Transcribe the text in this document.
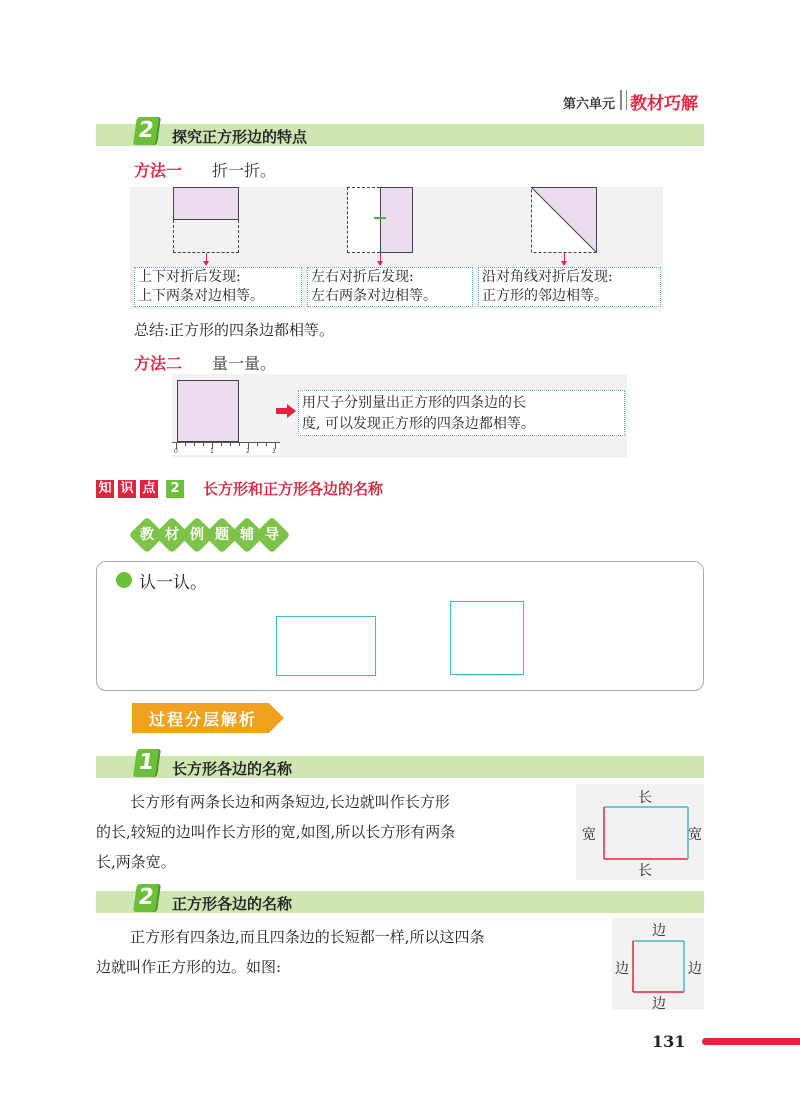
第六单元 教材巧解
2 探究正方形边的特点
方法一 折一折。
上下对折后发现:
上下两条对边相等。
左右对折后发现:
左右两条对边相等。
沿对角线对折后发现:
正方形的邻边相等。
总结:正方形的四条边都相等。
方法二 量一量。
0	1	2	3
用尺子分别量出正方形的四条边的长
度, 可以发现正方形的四条边都相等。
知 识 点	2 长方形和正方形各边的名称
教 材 例 题 辅 导
认一认。
过程分层解析
1 长方形各边的名称
长方形有两条长边和两条短边,长边就叫作长方形
的长,较短的边叫作长方形的宽,如图,所以长方形有两条
长,两条宽。
长
长
宽	宽
2 正方形各边的名称
正方形有四条边,而且四条边的长短都一样,所以这四条
边就叫作正方形的边。如图:
边
边
边	边
131
